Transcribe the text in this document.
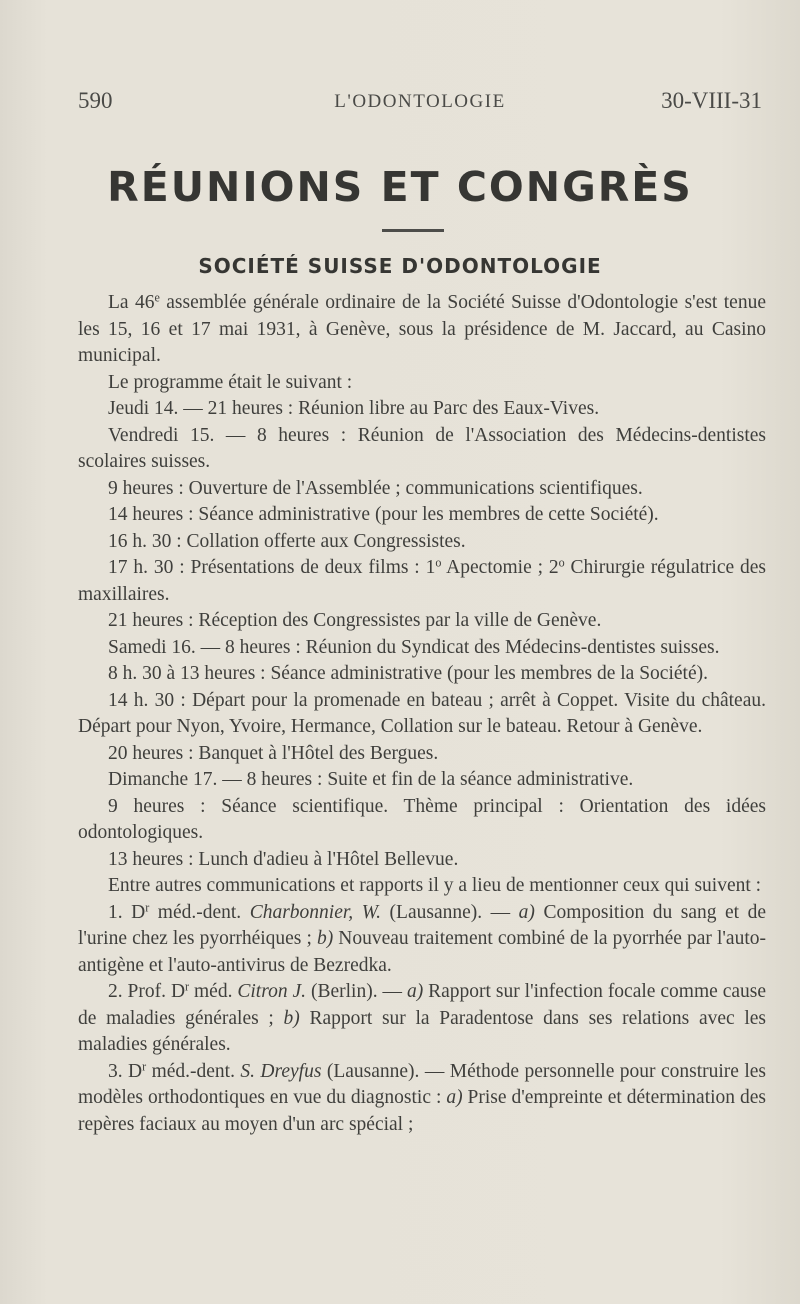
590	L'ODONTOLOGIE	30-VIII-31
RÉUNIONS ET CONGRÈS
SOCIÉTÉ SUISSE D'ODONTOLOGIE

La 46e assemblée générale ordinaire de la Société Suisse d'Odontologie s'est tenue les 15, 16 et 17 mai 1931, à Genève, sous la présidence de M. Jaccard, au Casino municipal.

Le programme était le suivant :

Jeudi 14. — 21 heures : Réunion libre au Parc des Eaux-Vives.

Vendredi 15. — 8 heures : Réunion de l'Association des Médecins-dentistes scolaires suisses.

9 heures : Ouverture de l'Assemblée ; communications scientifiques.

14 heures : Séance administrative (pour les membres de cette Société).

16 h. 30 : Collation offerte aux Congressistes.

17 h. 30 : Présentations de deux films : 1$^o$ Apectomie ; 2$^o$ Chirurgie régulatrice des maxillaires.

21 heures : Réception des Congressistes par la ville de Genève.

Samedi 16. — 8 heures : Réunion du Syndicat des Médecins-dentistes suisses.

8 h. 30 à 13 heures : Séance administrative (pour les membres de la Société).

14 h. 30 : Départ pour la promenade en bateau ; arrêt à Coppet. Visite du château. Départ pour Nyon, Yvoire, Hermance, Collation sur le bateau. Retour à Genève.

20 heures : Banquet à l'Hôtel des Bergues.

Dimanche 17. — 8 heures : Suite et fin de la séance administrative.

9 heures : Séance scientifique. Thème principal : Orientation des idées odontologiques.

13 heures : Lunch d'adieu à l'Hôtel Bellevue.

Entre autres communications et rapports il y a lieu de mentionner ceux qui suivent :

1. $D^r$ méd.-dent. Charbonnier, W. (Lausanne). — a) Composition du sang et de l'urine chez les pyorrhéiques ; b) Nouveau traitement combiné de la pyorrhée par l'auto-antigène et l'auto-antivirus de Bezredka.

2. Prof. $D^r$ méd. Citron J. (Berlin). — a) Rapport sur l'infection focale comme cause de maladies générales ; b) Rapport sur la Paradentose dans ses relations avec les maladies générales.

3. $D^r$ méd.-dent. S. Dreyfus (Lausanne). — Méthode personnelle pour construire les modèles orthodontiques en vue du diagnostic : a) Prise d'empreinte et détermination des repères faciaux au moyen d'un arc spécial ;
